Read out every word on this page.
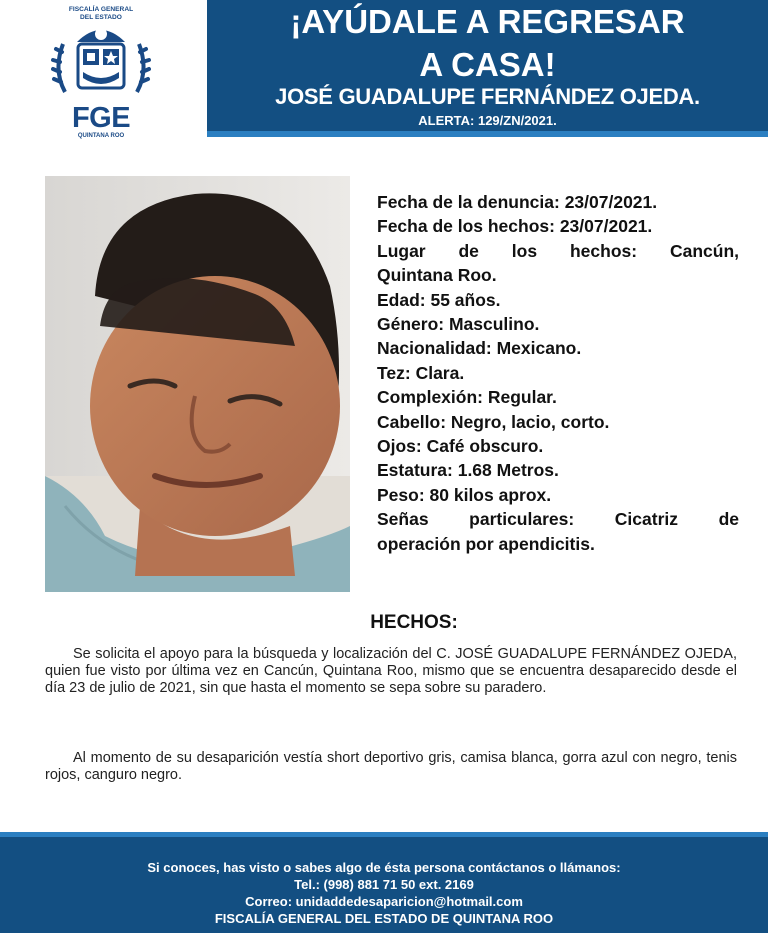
FISCALÍA GENERAL
DEL ESTADO
FGE
QUINTANA ROO
¡AYÚDALE A REGRESAR
A CASA!
JOSÉ GUADALUPE FERNÁNDEZ OJEDA.
ALERTA: 129/ZN/2021.
Fecha de la denuncia: 23/07/2021.
Fecha de los hechos: 23/07/2021.
Lugar de los hechos: Cancún,
Quintana Roo.
Edad: 55 años.
Género: Masculino.
Nacionalidad: Mexicano.
Tez: Clara.
Complexión: Regular.
Cabello: Negro, lacio, corto.
Ojos: Café obscuro.
Estatura: 1.68 Metros.
Peso: 80 kilos aprox.
Señas particulares: Cicatriz de
operación por apendicitis.
HECHOS:
Se solicita el apoyo para la búsqueda y localización del C. JOSÉ GUADALUPE FERNÁNDEZ OJEDA, quien fue visto por última vez en Cancún, Quintana Roo, mismo que se encuentra desaparecido desde el día 23 de julio de 2021, sin que hasta el momento se sepa sobre su paradero.
Al momento de su desaparición vestía short deportivo gris, camisa blanca, gorra azul con negro, tenis rojos, canguro negro.
Si conoces, has visto o sabes algo de ésta persona contáctanos o llámanos:
Tel.: (998) 881 71 50 ext. 2169
Correo: unidaddedesaparicion@hotmail.com
FISCALÍA GENERAL DEL ESTADO DE QUINTANA ROO
